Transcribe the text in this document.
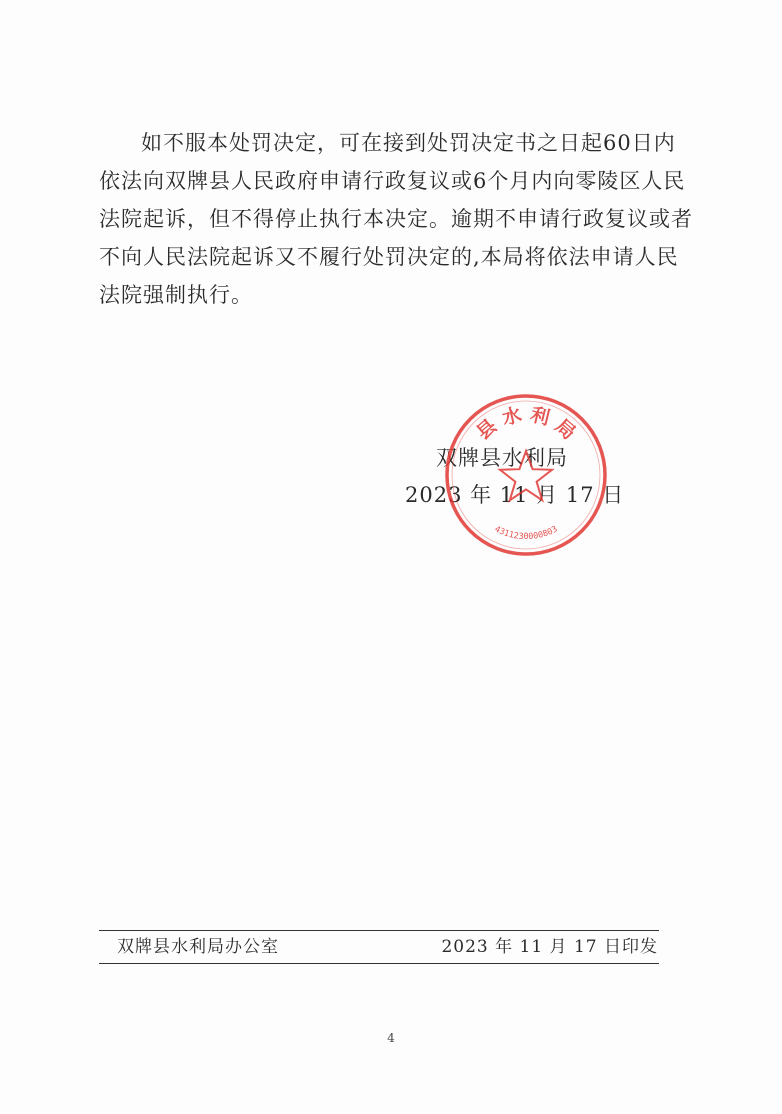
如不服本处罚决定，可在接到处罚决定书之日起60日内
依法向双牌县人民政府申请行政复议或6个月内向零陵区人民
法院起诉，但不得停止执行本决定。逾期不申请行政复议或者
不向人民法院起诉又不履行处罚决定的,本局将依法申请人民
法院强制执行。
双牌县水利局
2023 年 11 月 17 日
县 水 利 局
4311230000803
双牌县水利局办公室	2023 年 11 月 17 日印发
4
